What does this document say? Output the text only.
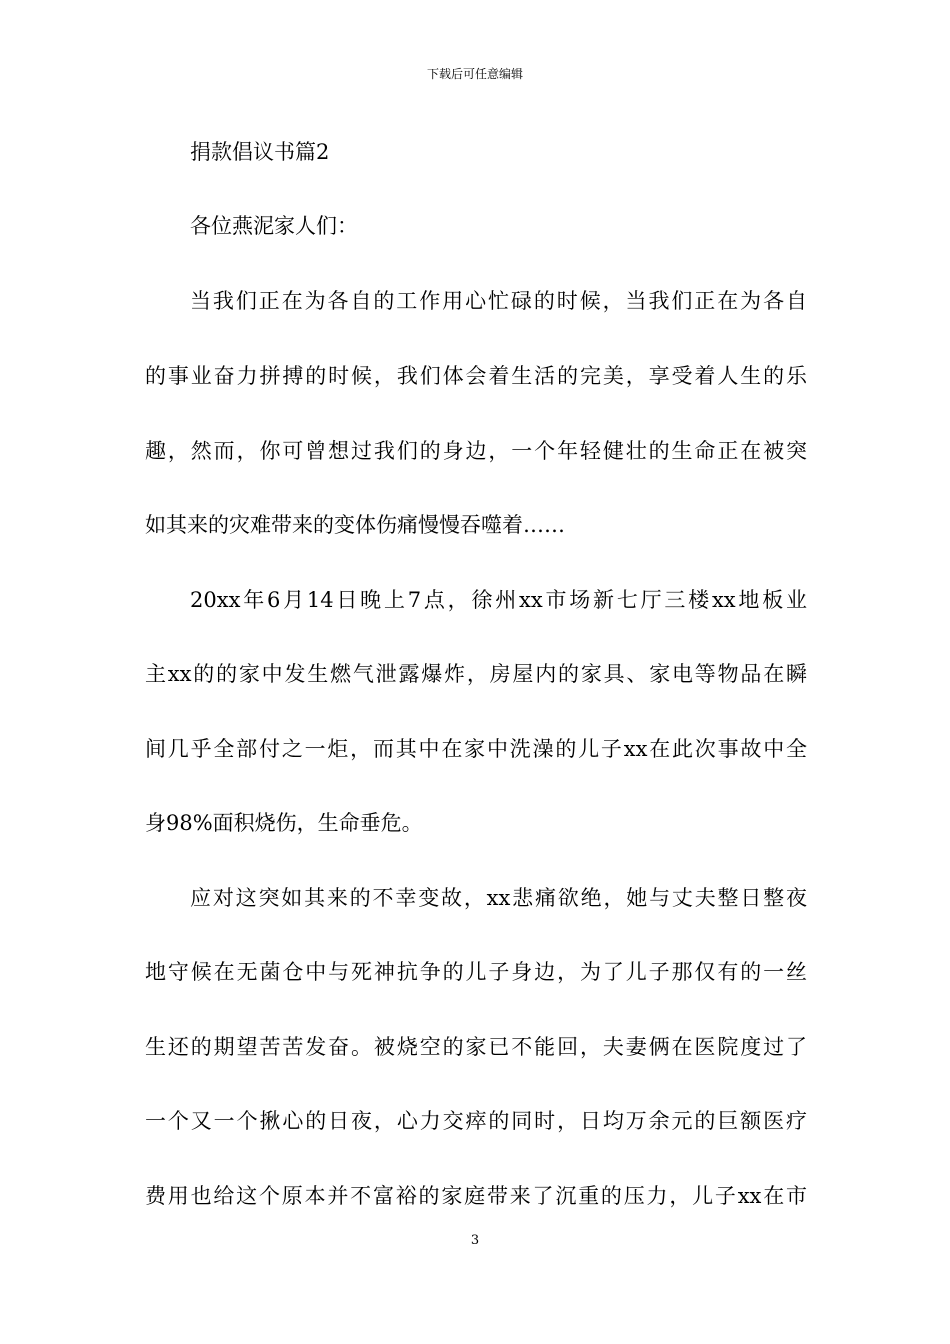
下载后可任意编辑
捐款倡议书篇2
各位燕泥家人们：
当我们正在为各自的工作用心忙碌的时候，当我们正在为各自
的事业奋力拼搏的时候，我们体会着生活的完美，享受着人生的乐
趣，然而，你可曾想过我们的身边，一个年轻健壮的生命正在被突
如其来的灾难带来的变体伤痛慢慢吞噬着……
20xx年6月14日晚上7点，徐州xx市场新七厅三楼xx地板业
主xx的的家中发生燃气泄露爆炸，房屋内的家具、家电等物品在瞬
间几乎全部付之一炬，而其中在家中洗澡的儿子xx在此次事故中全
身98%面积烧伤，生命垂危。
应对这突如其来的不幸变故，xx悲痛欲绝，她与丈夫整日整夜
地守候在无菌仓中与死神抗争的儿子身边，为了儿子那仅有的一丝
生还的期望苦苦发奋。被烧空的家已不能回，夫妻俩在医院度过了
一个又一个揪心的日夜，心力交瘁的同时，日均万余元的巨额医疗
费用也给这个原本并不富裕的家庭带来了沉重的压力，儿子xx在市
3
